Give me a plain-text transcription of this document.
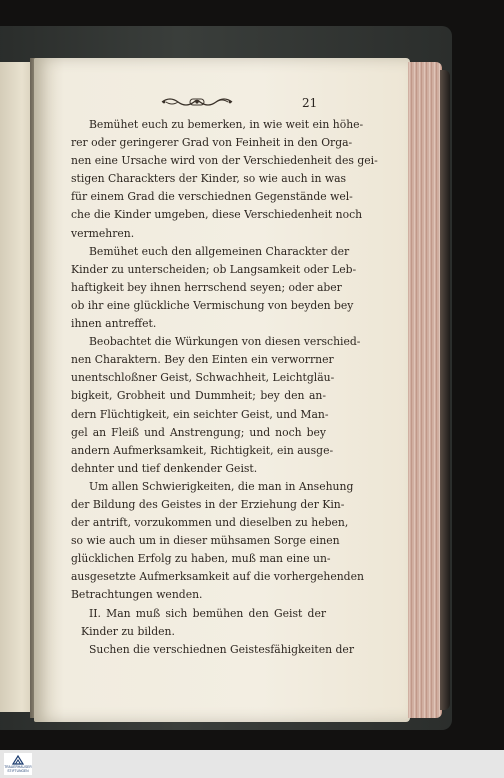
21
Bemühet euch zu bemerken, in wie weit ein höhe-
rer oder geringerer Grad von Feinheit in den Orga-
nen eine Ursache wird von der Verschiedenheit des gei-
stigen Charackters der Kinder, so wie auch in was
für einem Grad die verschiednen Gegenstände wel-
che die Kinder umgeben, diese Verschiedenheit noch
vermehren.
Bemühet euch den allgemeinen Charackter der
Kinder zu unterscheiden; ob Langsamkeit oder Leb-
haftigkeit bey ihnen herrschend seyen; oder aber
ob ihr eine glückliche Vermischung von beyden bey
ihnen antreffet.
Beobachtet die Würkungen von diesen verschied-
nen Charaktern. Bey den Einten ein verworrner
unentschloßner Geist, Schwachheit, Leichtgläu-
bigkeit, Grobheit und Dummheit; bey den an-
dern Flüchtigkeit, ein seichter Geist, und Man-
gel an Fleiß und Anstrengung; und noch bey
andern Aufmerksamkeit, Richtigkeit, ein ausge-
dehnter und tief denkender Geist.
Um allen Schwierigkeiten, die man in Ansehung
der Bildung des Geistes in der Erziehung der Kin-
der antrift, vorzukommen und dieselben zu heben,
so wie auch um in dieser mühsamen Sorge einen
glücklichen Erfolg zu haben, muß man eine un-
ausgesetzte Aufmerksamkeit auf die vorhergehenden
Betrachtungen wenden.
II. Man muß sich bemühen den Geist der
Kinder zu bilden.
Suchen die verschiednen Geistesfähigkeiten der
TRAUERHAUSER STIFTUNGEN
